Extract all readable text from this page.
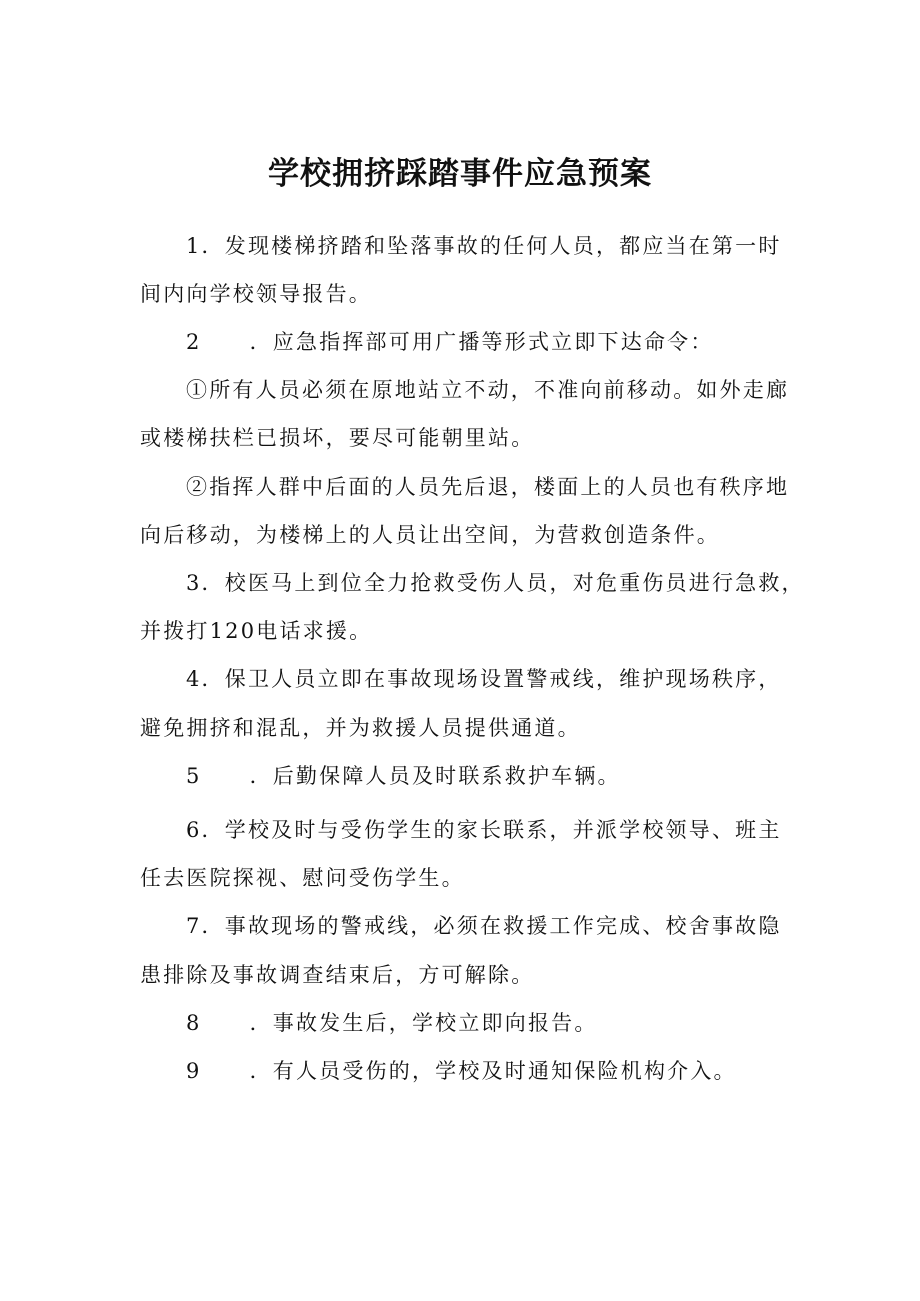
学校拥挤踩踏事件应急预案
1．发现楼梯挤踏和坠落事故的任何人员，都应当在第一时
间内向学校领导报告。
2 ．应急指挥部可用广播等形式立即下达命令：
①所有人员必须在原地站立不动，不准向前移动。如外走廊
或楼梯扶栏已损坏，要尽可能朝里站。
②指挥人群中后面的人员先后退，楼面上的人员也有秩序地
向后移动，为楼梯上的人员让出空间，为营救创造条件。
3．校医马上到位全力抢救受伤人员，对危重伤员进行急救，
并拨打120电话求援。
4．保卫人员立即在事故现场设置警戒线，维护现场秩序，
避免拥挤和混乱，并为救援人员提供通道。
5 ．后勤保障人员及时联系救护车辆。
6．学校及时与受伤学生的家长联系，并派学校领导、班主
任去医院探视、慰问受伤学生。
7．事故现场的警戒线，必须在救援工作完成、校舍事故隐
患排除及事故调查结束后，方可解除。
8 ．事故发生后，学校立即向报告。
9 ．有人员受伤的，学校及时通知保险机构介入。
